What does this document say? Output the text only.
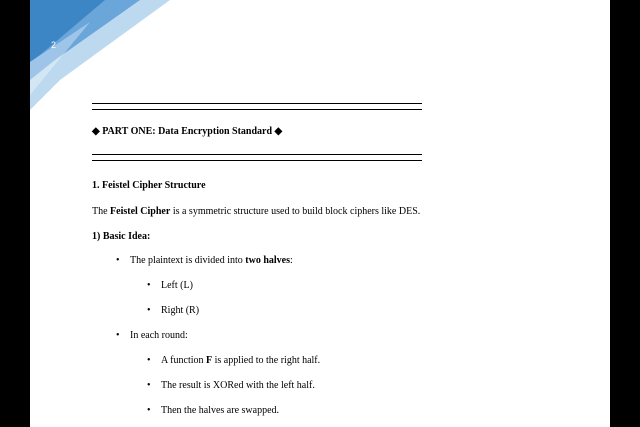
2
◆ PART ONE: Data Encryption Standard ◆
1. Feistel Cipher Structure
The Feistel Cipher is a symmetric structure used to build block ciphers like DES.
1) Basic Idea:
• The plaintext is divided into two halves:
• Left (L)
• Right (R)
• In each round:
• A function F is applied to the right half.
• The result is XORed with the left half.
• Then the halves are swapped.
